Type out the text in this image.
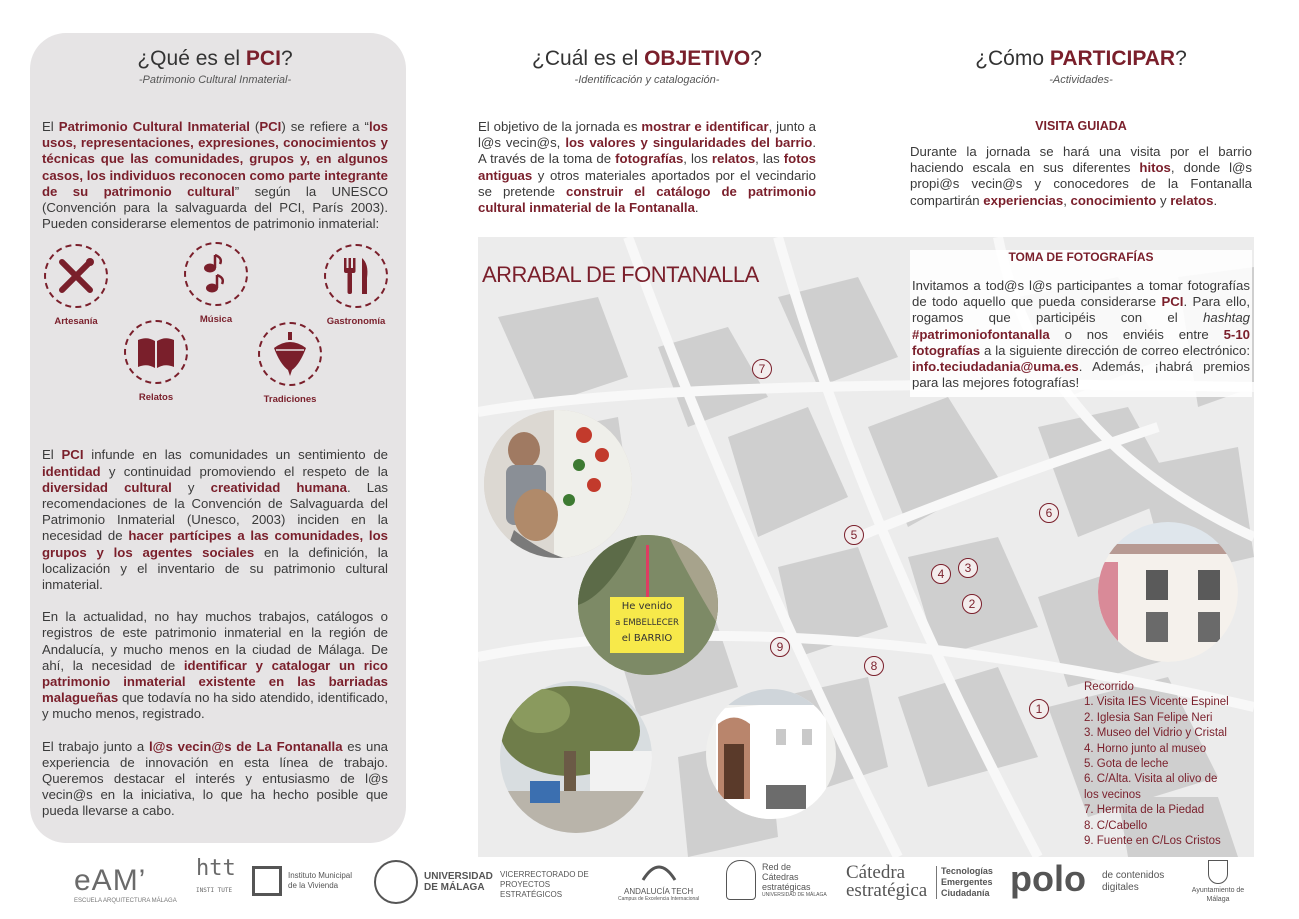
¿Qué es el PCI?
-Patrimonio Cultural Inmaterial-

El Patrimonio Cultural Inmaterial (PCI) se refiere a “los usos, representaciones, expresiones, conocimientos y técnicas que las comunidades, grupos y, en algunos casos, los individuos reconocen como parte integrante de su patrimonio cultural” según la UNESCO (Convención para la salvaguarda del PCI, París 2003). Pueden considerarse elementos de patrimonio inmaterial:

Artesanía	Música	Gastronomía
Relatos	Tradiciones

El PCI infunde en las comunidades un sentimiento de identidad y continuidad promoviendo el respeto de la diversidad cultural y creatividad humana. Las recomendaciones de la Convención de Salvaguarda del Patrimonio Inmaterial (Unesco, 2003) inciden en la necesidad de hacer partícipes a las comunidades, los grupos y los agentes sociales en la definición, la localización y el inventario de su patrimonio cultural inmaterial.

En la actualidad, no hay muchos trabajos, catálogos o registros de este patrimonio inmaterial en la región de Andalucía, y mucho menos en la ciudad de Málaga. De ahí, la necesidad de identificar y catalogar un rico patrimonio inmaterial existente en las barriadas malagueñas que todavía no ha sido atendido, identificado, y mucho menos, registrado.

El trabajo junto a l@s vecin@s de La Fontanalla es una experiencia de innovación en esta línea de trabajo. Queremos destacar el interés y entusiasmo de l@s vecin@s en la iniciativa, lo que ha hecho posible que pueda llevarse a cabo.

¿Cuál es el OBJETIVO?
-Identificación y catalogación-

El objetivo de la jornada es mostrar e identificar, junto a l@s vecin@s, los valores y singularidades del barrio. A través de la toma de fotografías, los relatos, las fotos antiguas y otros materiales aportados por el vecindario se pretende construir el catálogo de patrimonio cultural inmaterial de la Fontanalla.

¿Cómo PARTICIPAR?
-Actividades-
VISITA GUIADA

Durante la jornada se hará una visita por el barrio haciendo escala en sus diferentes hitos, donde l@s propi@s vecin@s y conocedores de la Fontanalla compartirán experiencias, conocimiento y relatos.

He venido
a EMBELLECER
el BARRIO
7
5
6
3
4
2
9
8
1
ARRABAL DE FONTANALLA
TOMA DE FOTOGRAFÍAS

Invitamos a tod@s l@s participantes a tomar fotografías de todo aquello que pueda considerarse PCI. Para ello, rogamos que participéis con el hashtag #patrimoniofontanalla o nos enviéis entre 5-10 fotografías a la siguiente dirección de correo electrónico: info.teciudadania@uma.es. Además, ¡habrá premios para las mejores fotografías!

Recorrido
1. Visita IES Vicente Espinel
2. Iglesia San Felipe Neri
3. Museo del Vidrio y Cristal
4. Horno junto al museo
5. Gota de leche
6. C/Alta. Visita al olivo de
los vecinos
7. Hermita de la Piedad
8. C/Cabello
9. Fuente en C/Los Cristos
eAM’
ESCUELA ARQUITECTURA MÁLAGA
htt
INSTI TUTE
Instituto Municipal de la Vivienda
UNIVERSIDAD DE MÁLAGA
VICERRECTORADO DE PROYECTOS ESTRATÉGICOS	ANDALUCÍA TECH
Campus de Excelencia Internacional
Red de Cátedras estratégicas
UNIVERSIDAD DE MÁLAGA
Cátedra estratégica
Tecnologías Emergentes Ciudadanía polo de contenidos digitales	Ayuntamiento de Málaga
